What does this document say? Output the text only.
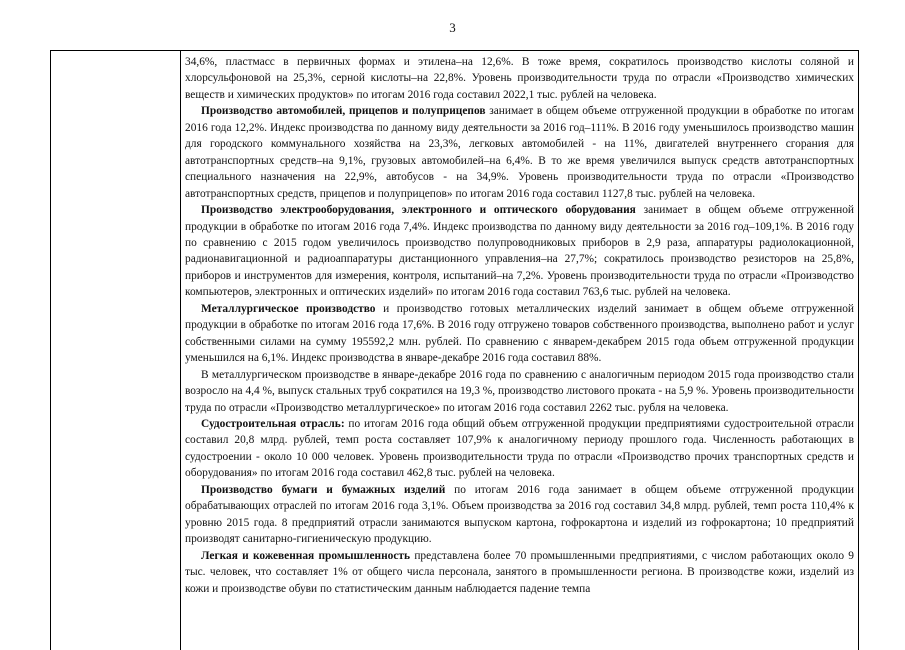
3

34,6%, пластмасс в первичных формах и этилена–на 12,6%. В тоже время, сократилось производство кислоты соляной и хлорсульфоновой на 25,3%, серной кислоты–на 22,8%. Уровень производительности труда по отрасли «Производство химических веществ и химических продуктов» по итогам 2016 года составил 2022,1 тыс. рублей на человека.

Производство автомобилей, прицепов и полуприцепов занимает в общем объеме отгруженной продукции в обработке по итогам 2016 года 12,2%. Индекс производства по данному виду деятельности за 2016 год–111%. В 2016 году уменьшилось производство машин для городского коммунального хозяйства на 23,3%, легковых автомобилей - на 11%, двигателей внутреннего сгорания для автотранспортных средств–на 9,1%, грузовых автомобилей–на 6,4%. В то же время увеличился выпуск средств автотранспортных специального назначения на 22,9%, автобусов - на 34,9%. Уровень производительности труда по отрасли «Производство автотранспортных средств, прицепов и полуприцепов» по итогам 2016 года составил 1127,8 тыс. рублей на человека.

Производство электрооборудования, электронного и оптического оборудования занимает в общем объеме отгруженной продукции в обработке по итогам 2016 года 7,4%. Индекс производства по данному виду деятельности за 2016 год–109,1%. В 2016 году по сравнению с 2015 годом увеличилось производство полупроводниковых приборов в 2,9 раза, аппаратуры радиолокационной, радионавигационной и радиоаппаратуры дистанционного управления–на 27,7%; сократилось производство резисторов на 25,8%, приборов и инструментов для измерения, контроля, испытаний–на 7,2%. Уровень производительности труда по отрасли «Производство компьютеров, электронных и оптических изделий» по итогам 2016 года составил 763,6 тыс. рублей на человека.

Металлургическое производство и производство готовых металлических изделий занимает в общем объеме отгруженной продукции в обработке по итогам 2016 года 17,6%. В 2016 году отгружено товаров собственного производства, выполнено работ и услуг собственными силами на сумму 195592,2 млн. рублей. По сравнению с январем-декабрем 2015 года объем отгруженной продукции уменьшился на 6,1%. Индекс производства в январе-декабре 2016 года составил 88%.

В металлургическом производстве в январе-декабре 2016 года по сравнению с аналогичным периодом 2015 года производство стали возросло на 4,4 %, выпуск стальных труб сократился на 19,3 %, производство листового проката - на 5,9 %. Уровень производительности труда по отрасли «Производство металлургическое» по итогам 2016 года составил 2262 тыс. рубля на человека.

Судостроительная отрасль: по итогам 2016 года общий объем отгруженной продукции предприятиями судостроительной отрасли составил 20,8 млрд. рублей, темп роста составляет 107,9% к аналогичному периоду прошлого года. Численность работающих в судостроении - около 10 000 человек. Уровень производительности труда по отрасли «Производство прочих транспортных средств и оборудования» по итогам 2016 года составил 462,8 тыс. рублей на человека.

Производство бумаги и бумажных изделий по итогам 2016 года занимает в общем объеме отгруженной продукции обрабатывающих отраслей по итогам 2016 года 3,1%. Объем производства за 2016 год составил 34,8 млрд. рублей, темп роста 110,4% к уровню 2015 года. 8 предприятий отрасли занимаются выпуском картона, гофрокартона и изделий из гофрокартона; 10 предприятий производят санитарно-гигиеническую продукцию.

Легкая и кожевенная промышленность представлена более 70 промышленными предприятиями, с числом работающих около 9 тыс. человек, что составляет 1% от общего числа персонала, занятого в промышленности региона. В производстве кожи, изделий из кожи и производстве обуви по статистическим данным наблюдается падение темпа
